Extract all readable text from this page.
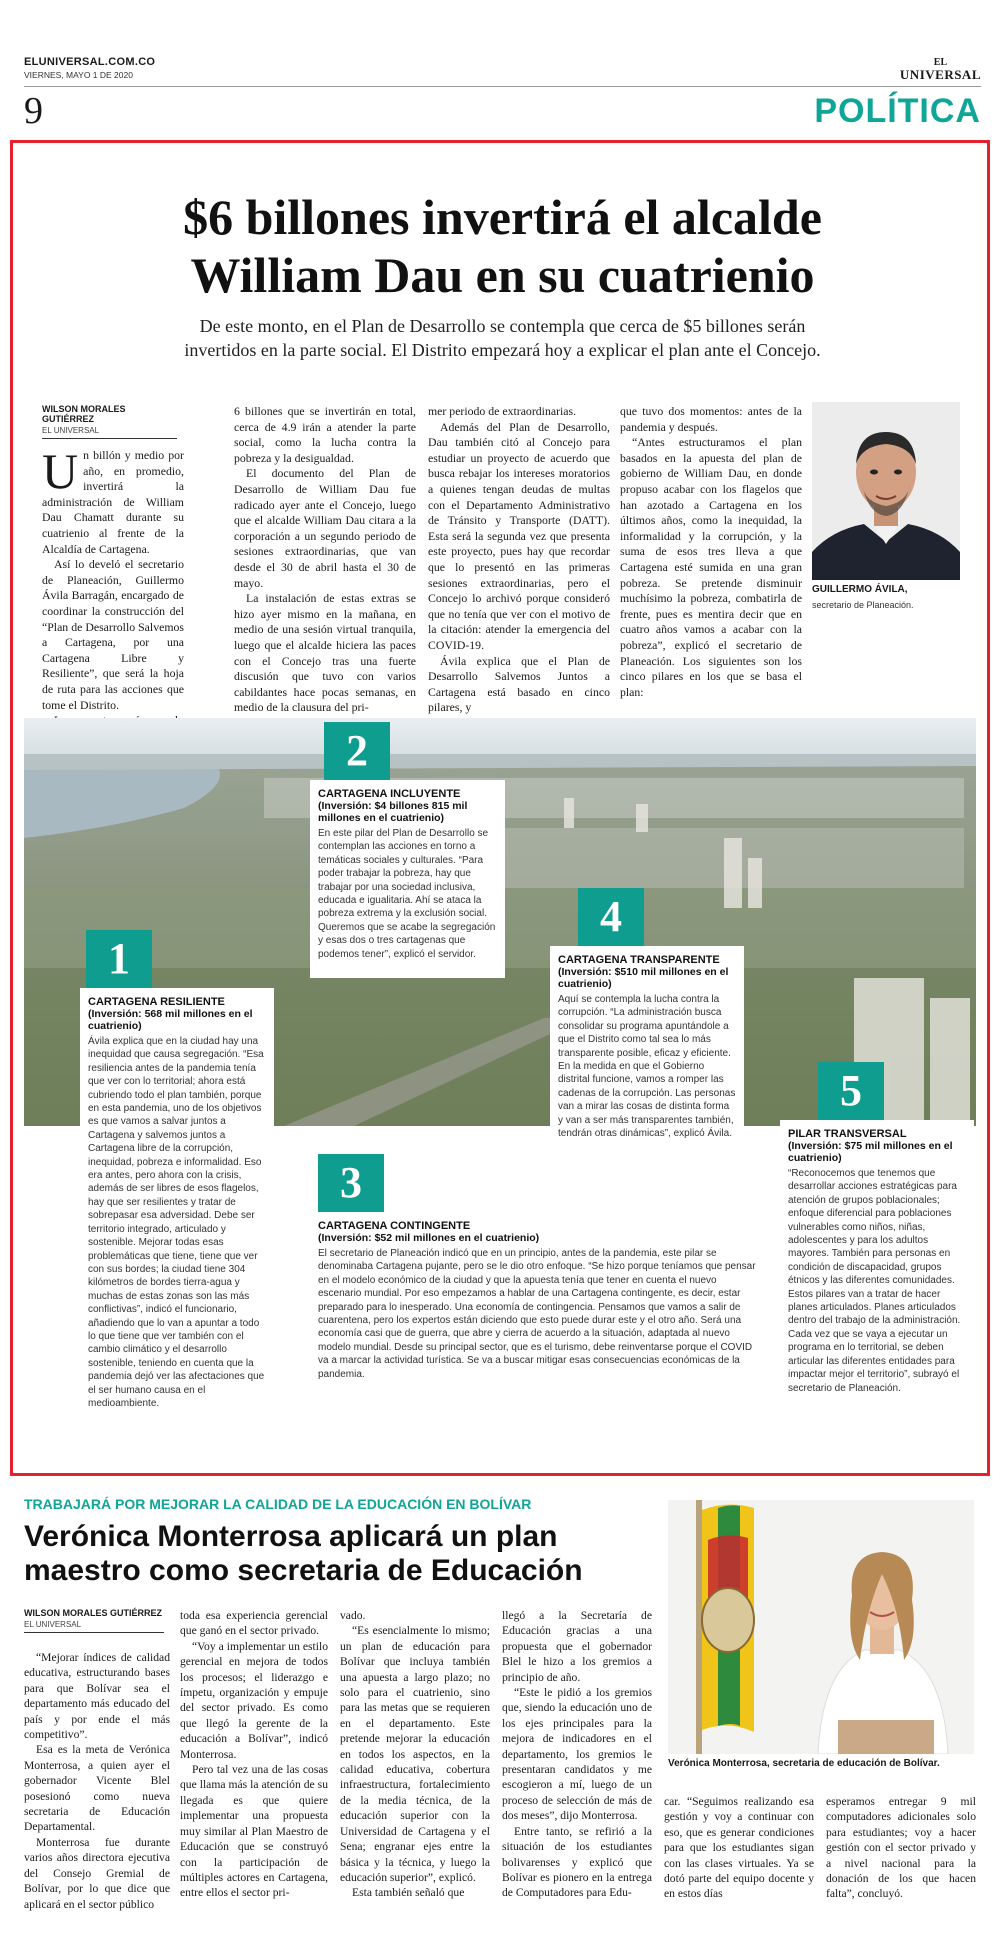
ELUNIVERSAL.COM.CO
VIERNES, MAYO 1 DE 2020
EL
UNIVERSAL
9	POLÍTICA
$6 billones invertirá el alcalde
William Dau en su cuatrienio
De este monto, en el Plan de Desarrollo se contempla que cerca de $5 billones serán
invertidos en la parte social. El Distrito empezará hoy a explicar el plan ante el Concejo.
WILSON MORALES GUTIÉRREZ
EL UNIVERSAL

Un billón y medio por año, en promedio, invertirá la administración de William Dau Chamatt durante su cuatrienio al frente de la Alcaldía de Cartagena.

Así lo develó el secretario de Planeación, Guillermo Ávila Barragán, encargado de coordinar la construcción del “Plan de Desarrollo Salvemos a Cartagena, por una Cartagena Libre y Resiliente”, que será la hoja de ruta para las acciones que tome el Distrito.

6 billones que se invertirán en total, cerca de 4.9 irán a atender la parte social, como la lucha contra la pobreza y la desigualdad.

El documento del Plan de Desarrollo de William Dau fue radicado ayer ante el Concejo, luego que el alcalde William Dau citara a la corporación a un segundo periodo de sesiones extraordinarias, que van desde el 30 de abril hasta el 30 de mayo.

La instalación de estas extras se hizo ayer mismo en la mañana, en medio de una sesión virtual tranquila, luego que el alcalde hiciera las paces con el Concejo tras una fuerte discusión que tuvo con varios cabildantes hace pocas semanas, en medio de la clausura del pri-

mer periodo de extraordinarias.

Además del Plan de Desarrollo, Dau también citó al Concejo para estudiar un proyecto de acuerdo que busca rebajar los intereses moratorios a quienes tengan deudas de multas con el Departamento Administrativo de Tránsito y Transporte (DATT). Esta será la segunda vez que presenta este proyecto, pues hay que recordar que lo presentó en las primeras sesiones extraordinarias, pero el Concejo lo archivó porque consideró que no tenía que ver con el motivo de la citación: atender la emergencia del COVID-19.

Ávila explica que el Plan de Desarrollo Salvemos Juntos a Cartagena está basado en cinco pilares, y

que tuvo dos momentos: antes de la pandemia y después.

“Antes estructuramos el plan basados en la apuesta del plan de gobierno de William Dau, en donde propuso acabar con los flagelos que han azotado a Cartagena en los últimos años, como la inequidad, la informalidad y la corrupción, y la suma de esos tres lleva a que Cartagena esté sumida en una gran pobreza. Se pretende disminuir muchísimo la pobreza, combatirla de frente, pues es mentira decir que en cuatro años vamos a acabar con la pobreza”, explicó el secretario de Planeación. Los siguientes son los cinco pilares en los que se basa el plan:

GUILLERMO ÁVILA,
secretario de Planeación.
2
1
4
5
3
CARTAGENA INCLUYENTE
(Inversión: $4 billones 815 mil millones en el cuatrienio)
En este pilar del Plan de Desarrollo se contemplan las acciones en torno a temáticas sociales y culturales. “Para poder trabajar la pobreza, hay que trabajar por una sociedad inclusiva, educada e igualitaria. Ahí se ataca la pobreza extrema y la exclusión social. Queremos que se acabe la segregación y esas dos o tres cartagenas que podemos tener”, explicó el servidor.
CARTAGENA RESILIENTE
(Inversión: 568 mil millones en el cuatrienio)
Ávila explica que en la ciudad hay una inequidad que causa segregación. “Esa resiliencia antes de la pandemia tenía que ver con lo territorial; ahora está cubriendo todo el plan también, porque en esta pandemia, uno de los objetivos es que vamos a salvar juntos a Cartagena y salvemos juntos a Cartagena libre de la corrupción, inequidad, pobreza e informalidad. Eso era antes, pero ahora con la crisis, además de ser libres de esos flagelos, hay que ser resilientes y tratar de sobrepasar esa adversidad. Debe ser territorio integrado, articulado y sostenible. Mejorar todas esas problemáticas que tiene, tiene que ver con sus bordes; la ciudad tiene 304 kilómetros de bordes tierra-agua y muchas de estas zonas son las más conflictivas”, indicó el funcionario, añadiendo que lo van a apuntar a todo lo que tiene que ver también con el cambio climático y el desarrollo sostenible, teniendo en cuenta que la pandemia dejó ver las afectaciones que el ser humano causa en el medioambiente.
CARTAGENA TRANSPARENTE
(Inversión: $510 mil millones en el cuatrienio)
Aquí se contempla la lucha contra la corrupción. “La administración busca consolidar su programa apuntándole a que el Distrito como tal sea lo más transparente posible, eficaz y eficiente. En la medida en que el Gobierno distrital funcione, vamos a romper las cadenas de la corrupción. Las personas van a mirar las cosas de distinta forma y van a ser más transparentes también, tendrán otras dinámicas”, explicó Ávila.	PILAR TRANSVERSAL
(Inversión: $75 mil millones en el cuatrienio)
“Reconocemos que tenemos que desarrollar acciones estratégicas para atención de grupos poblacionales; enfoque diferencial para poblaciones vulnerables como niños, niñas, adolescentes y para los adultos mayores. También para personas en condición de discapacidad, grupos étnicos y las diferentes comunidades. Estos pilares van a tratar de hacer planes articulados. Planes articulados dentro del trabajo de la administración. Cada vez que se vaya a ejecutar un programa en lo territorial, se deben articular las diferentes entidades para impactar mejor el territorio”, subrayó el secretario de Planeación.
CARTAGENA CONTINGENTE
(Inversión: $52 mil millones en el cuatrienio)
El secretario de Planeación indicó que en un principio, antes de la pandemia, este pilar se denominaba Cartagena pujante, pero se le dio otro enfoque. “Se hizo porque teníamos que pensar en el modelo económico de la ciudad y que la apuesta tenía que tener en cuenta el nuevo escenario mundial. Por eso empezamos a hablar de una Cartagena contingente, es decir, estar preparado para lo inesperado. Una economía de contingencia. Pensamos que vamos a salir de cuarentena, pero los expertos están diciendo que esto puede durar este y el otro año. Será una economía casi que de guerra, que abre y cierra de acuerdo a la situación, adaptada al nuevo modelo mundial. Desde su principal sector, que es el turismo, debe reinventarse porque el COVID va a marcar la actividad turística. Se va a buscar mitigar esas consecuencias económicas de la pandemia.
TRABAJARÁ POR MEJORAR LA CALIDAD DE LA EDUCACIÓN EN BOLÍVAR
Verónica Monterrosa aplicará un plan
maestro como secretaria de Educación
WILSON MORALES GUTIÉRREZ
EL UNIVERSAL

“Mejorar índices de calidad educativa, estructurando bases para que Bolívar sea el departamento más educado del país y por ende el más competitivo”.

Esa es la meta de Verónica Monterrosa, a quien ayer el gobernador Vicente Blel posesionó como nueva secretaria de Educación Departamental.

Monterrosa fue durante varios años directora ejecutiva del Consejo Gremial de Bolívar, por lo que dice que aplicará en el sector público

toda esa experiencia gerencial que ganó en el sector privado.

“Voy a implementar un estilo gerencial en mejora de todos los procesos; el liderazgo e ímpetu, organización y empuje del sector privado. Es como que llegó la gerente de la educación a Bolívar”, indicó Monterrosa.

Pero tal vez una de las cosas que llama más la atención de su llegada es que quiere implementar una propuesta muy similar al Plan Maestro de Educación que se construyó con la participación de múltiples actores en Cartagena, entre ellos el sector pri-

vado.

“Es esencialmente lo mismo; un plan de educación para Bolívar que incluya también una apuesta a largo plazo; no solo para el cuatrienio, sino para las metas que se requieren en el departamento. Este pretende mejorar la educación en todos los aspectos, en la calidad educativa, cobertura infraestructura, fortalecimiento de la media técnica, de la educación superior con la Universidad de Cartagena y el Sena; engranar ejes entre la básica y la técnica, y luego la educación superior”, explicó.

Esta también señaló que

llegó a la Secretaría de Educación gracias a una propuesta que el gobernador Blel le hizo a los gremios a principio de año.

“Este le pidió a los gremios que, siendo la educación uno de los ejes principales para la mejora de indicadores en el departamento, los gremios le presentaran candidatos y me escogieron a mí, luego de un proceso de selección de más de dos meses”, dijo Monterrosa.

Entre tanto, se refirió a la situación de los estudiantes bolivarenses y explicó que Bolívar es pionero en la entrega de Computadores para Edu-

car. “Seguimos realizando esa gestión y voy a continuar con eso, que es generar condiciones para que los estudiantes sigan con las clases virtuales. Ya se dotó parte del equipo docente y en estos días

esperamos entregar 9 mil computadores adicionales solo para estudiantes; voy a hacer gestión con el sector privado y a nivel nacional para la donación de los que hacen falta”, concluyó.

Verónica Monterrosa, secretaria de educación de Bolívar.
